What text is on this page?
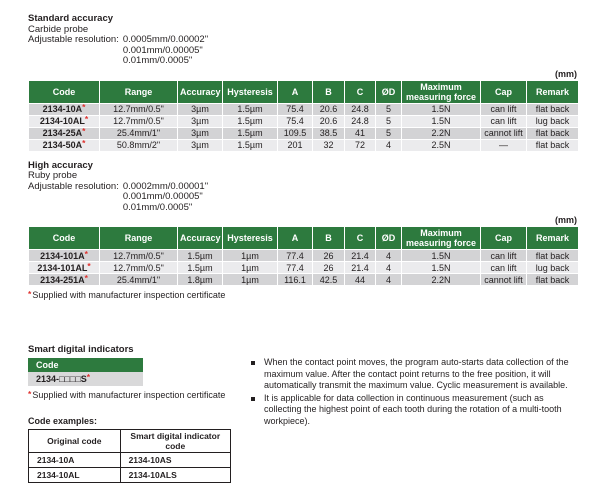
Standard accuracy
Carbide probe
Adjustable resolution: 0.0005mm/0.00002"
0.001mm/0.00005"
0.01mm/0.0005"
(mm)
Code	Range	Accuracy	Hysteresis	A	B	C	ØD	Maximum measuring force	Cap	Remark
2134-10A*	12.7mm/0.5"	3µm	1.5µm	75.4	20.6	24.8	5	1.5N	can lift	flat back
2134-10AL*	12.7mm/0.5"	3µm	1.5µm	75.4	20.6	24.8	5	1.5N	can lift	lug back
2134-25A*	25.4mm/1"	3µm	1.5µm	109.5	38.5	41	5	2.2N	cannot lift	flat back
2134-50A*	50.8mm/2"	3µm	1.5µm	201	32	72	4	2.5N	—	flat back
High accuracy
Ruby probe
Adjustable resolution: 0.0002mm/0.00001"
0.001mm/0.00005"
0.01mm/0.0005"
(mm)
Code	Range	Accuracy	Hysteresis	A	B	C	ØD	Maximum measuring force	Cap	Remark
2134-101A*	12.7mm/0.5"	1.5µm	1µm	77.4	26	21.4	4	1.5N	can lift	flat back
2134-101AL*	12.7mm/0.5"	1.5µm	1µm	77.4	26	21.4	4	1.5N	can lift	lug back
2134-251A*	25.4mm/1"	1.8µm	1µm	116.1	42.5	44	4	2.2N	cannot lift	flat back
*Supplied with manufacturer inspection certificate
Smart digital indicators
Code
2134-□□□□S*
*Supplied with manufacturer inspection certificate
Code examples:
Original code	Smart digital indicator code
2134-10A	2134-10AS
2134-10AL	2134-10ALS
When the contact point moves, the program auto-starts data collection of the maximum value. After the contact point returns to the free position, it will automatically transmit the maximum value. Cyclic measurement is available.
It is applicable for data collection in continuous measurement (such as collecting the highest point of each tooth during the rotation of a multi-tooth workpiece).
